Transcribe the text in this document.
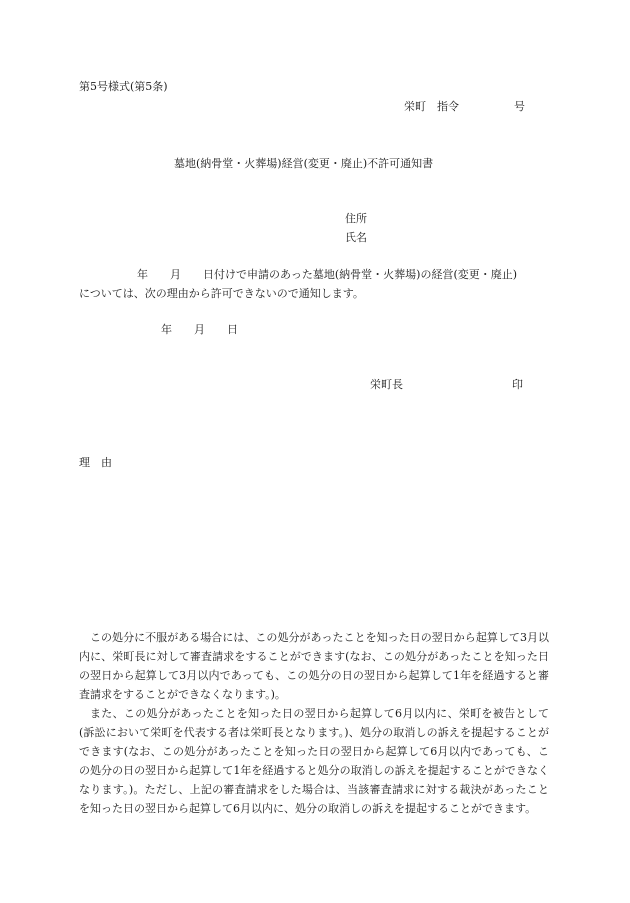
第5号様式(第5条)
栄町　指令　　　　　号
墓地(納骨堂・火葬場)経営(変更・廃止)不許可通知書
住所
氏名
年　　月　　日付けで申請のあった墓地(納骨堂・火葬場)の経営(変更・廃止)
については、次の理由から許可できないので通知します。
年　　月　　日
栄町長	印
理　由

この処分に不服がある場合には、この処分があったことを知った日の翌日から起算して3月以内に、栄町長に対して審査請求をすることができます(なお、この処分があったことを知った日の翌日から起算して3月以内であっても、この処分の日の翌日から起算して1年を経過すると審査請求をすることができなくなります。)。

また、この処分があったことを知った日の翌日から起算して6月以内に、栄町を被告として(訴訟において栄町を代表する者は栄町長となります。)、処分の取消しの訴えを提起することができます(なお、この処分があったことを知った日の翌日から起算して6月以内であっても、この処分の日の翌日から起算して1年を経過すると処分の取消しの訴えを提起することができなくなります。)。ただし、上記の審査請求をした場合は、当該審査請求に対する裁決があったことを知った日の翌日から起算して6月以内に、処分の取消しの訴えを提起することができます。
